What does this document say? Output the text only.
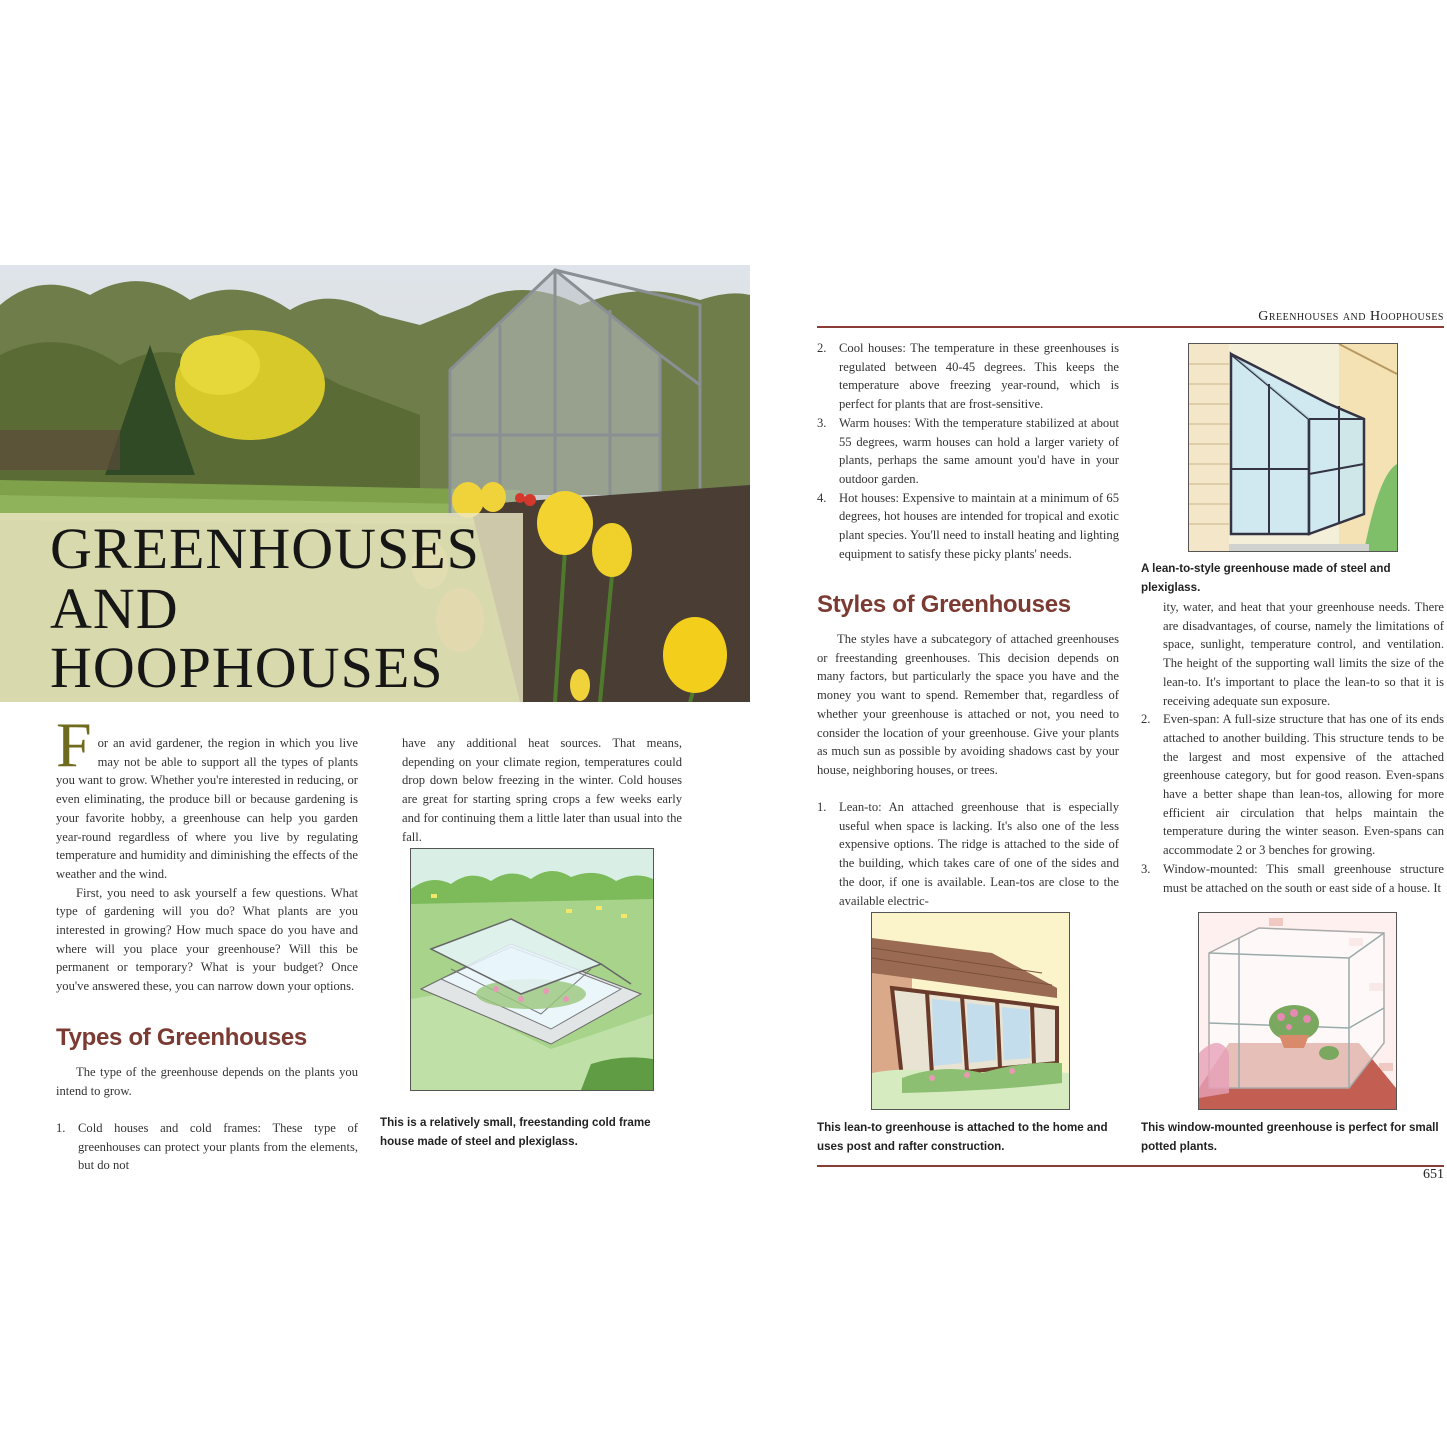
GREENHOUSES
AND
HOOPHOUSES
F or an avid gardener, the region in which you live may not be able to support all the types of plants you want to grow. Whether you're interested in reducing, or even eliminating, the produce bill or because gardening is your favorite hobby, a greenhouse can help you garden year-round regardless of where you live by regulating temperature and humidity and diminishing the effects of the weather and the wind.

First, you need to ask yourself a few questions. What type of gardening will you do? What plants are you interested in growing? How much space do you have and where will you place your greenhouse? Will this be permanent or temporary? What is your budget? Once you've answered these, you can narrow down your options.

Types of Greenhouses

The type of the greenhouse depends on the plants you intend to grow.

1. Cold houses and cold frames: These type of greenhouses can protect your plants from the elements, but do not

have any additional heat sources. That means, depending on your climate region, temperatures could drop down below freezing in the winter. Cold houses are great for starting spring crops a few weeks early and for continuing them a little later than usual into the fall.

This is a relatively small, freestanding cold frame house made of steel and plexiglass.
Greenhouses and Hoophouses
2. Cool houses: The temperature in these greenhouses is regulated between 40-45 degrees. This keeps the temperature above freezing year-round, which is perfect for plants that are frost-sensitive.
3. Warm houses: With the temperature stabilized at about 55 degrees, warm houses can hold a larger variety of plants, perhaps the same amount you'd have in your outdoor garden.
4. Hot houses: Expensive to maintain at a minimum of 65 degrees, hot houses are intended for tropical and exotic plant species. You'll need to install heating and lighting equipment to satisfy these picky plants' needs.
A lean-to-style greenhouse made of steel and plexiglass.
Styles of Greenhouses

The styles have a subcategory of attached greenhouses or freestanding greenhouses. This decision depends on many factors, but particularly the space you have and the money you want to spend. Remember that, regardless of whether your greenhouse is attached or not, you need to consider the location of your greenhouse. Give your plants as much sun as possible by avoiding shadows cast by your house, neighboring houses, or trees.

1. Lean-to: An attached greenhouse that is especially useful when space is lacking. It's also one of the less expensive options. The ridge is attached to the side of the building, which takes care of one of the sides and the door, if one is available. Lean-tos are close to the available electric-

ity, water, and heat that your greenhouse needs. There are disadvantages, of course, namely the limitations of space, sunlight, temperature control, and ventilation. The height of the supporting wall limits the size of the lean-to. It's important to place the lean-to so that it is receiving adequate sun exposure.

2. Even-span: A full-size structure that has one of its ends attached to another building. This structure tends to be the largest and most expensive of the attached greenhouse category, but for good reason. Even-spans have a better shape than lean-tos, allowing for more efficient air circulation that helps maintain the temperature during the winter season. Even-spans can accommodate 2 or 3 benches for growing.
3. Window-mounted: This small greenhouse structure must be attached on the south or east side of a house. It
This lean-to greenhouse is attached to the home and uses post and rafter construction.
This window-mounted greenhouse is perfect for small potted plants.
651
